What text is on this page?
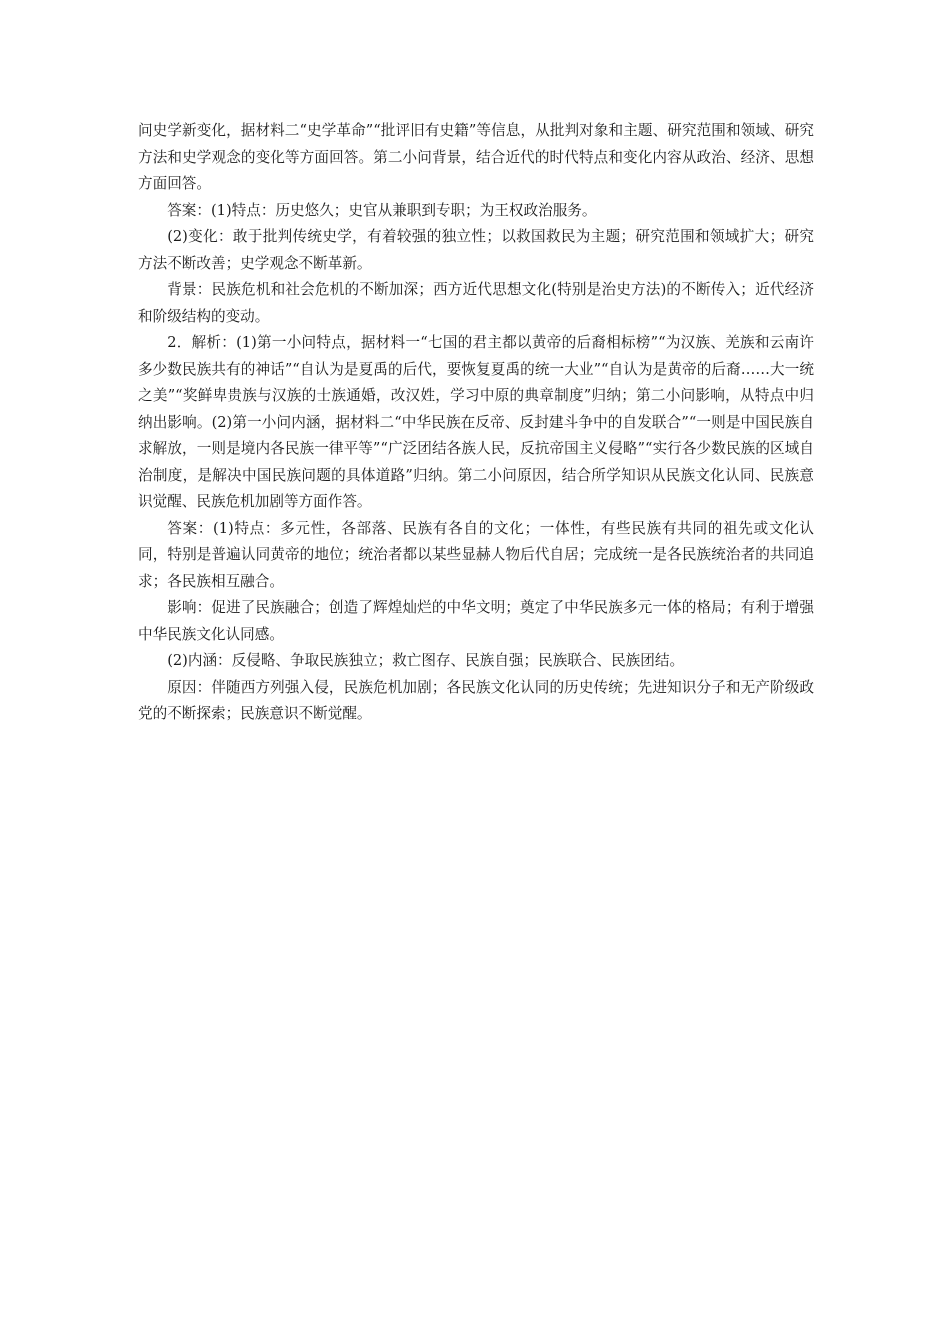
问史学新变化，据材料二“史学革命”“批评旧有史籍”等信息，从批判对象和主题、研究范围和领域、研究方法和史学观念的变化等方面回答。第二小问背景，结合近代的时代特点和变化内容从政治、经济、思想方面回答。

答案：(1)特点：历史悠久；史官从兼职到专职；为王权政治服务。

(2)变化：敢于批判传统史学，有着较强的独立性；以救国救民为主题；研究范围和领域扩大；研究方法不断改善；史学观念不断革新。

背景：民族危机和社会危机的不断加深；西方近代思想文化(特别是治史方法)的不断传入；近代经济和阶级结构的变动。

2．解析：(1)第一小问特点，据材料一“七国的君主都以黄帝的后裔相标榜”“为汉族、羌族和云南许多少数民族共有的神话”“自认为是夏禹的后代，要恢复夏禹的统一大业”“自认为是黄帝的后裔……大一统之美”“奖鲜卑贵族与汉族的士族通婚，改汉姓，学习中原的典章制度”归纳；第二小问影响，从特点中归纳出影响。(2)第一小问内涵，据材料二“中华民族在反帝、反封建斗争中的自发联合”“一则是中国民族自求解放，一则是境内各民族一律平等”“广泛团结各族人民，反抗帝国主义侵略”“实行各少数民族的区域自治制度，是解决中国民族问题的具体道路”归纳。第二小问原因，结合所学知识从民族文化认同、民族意识觉醒、民族危机加剧等方面作答。

答案：(1)特点：多元性，各部落、民族有各自的文化；一体性，有些民族有共同的祖先或文化认同，特别是普遍认同黄帝的地位；统治者都以某些显赫人物后代自居；完成统一是各民族统治者的共同追求；各民族相互融合。

影响：促进了民族融合；创造了辉煌灿烂的中华文明；奠定了中华民族多元一体的格局；有利于增强中华民族文化认同感。

(2)内涵：反侵略、争取民族独立；救亡图存、民族自强；民族联合、民族团结。

原因：伴随西方列强入侵，民族危机加剧；各民族文化认同的历史传统；先进知识分子和无产阶级政党的不断探索；民族意识不断觉醒。
